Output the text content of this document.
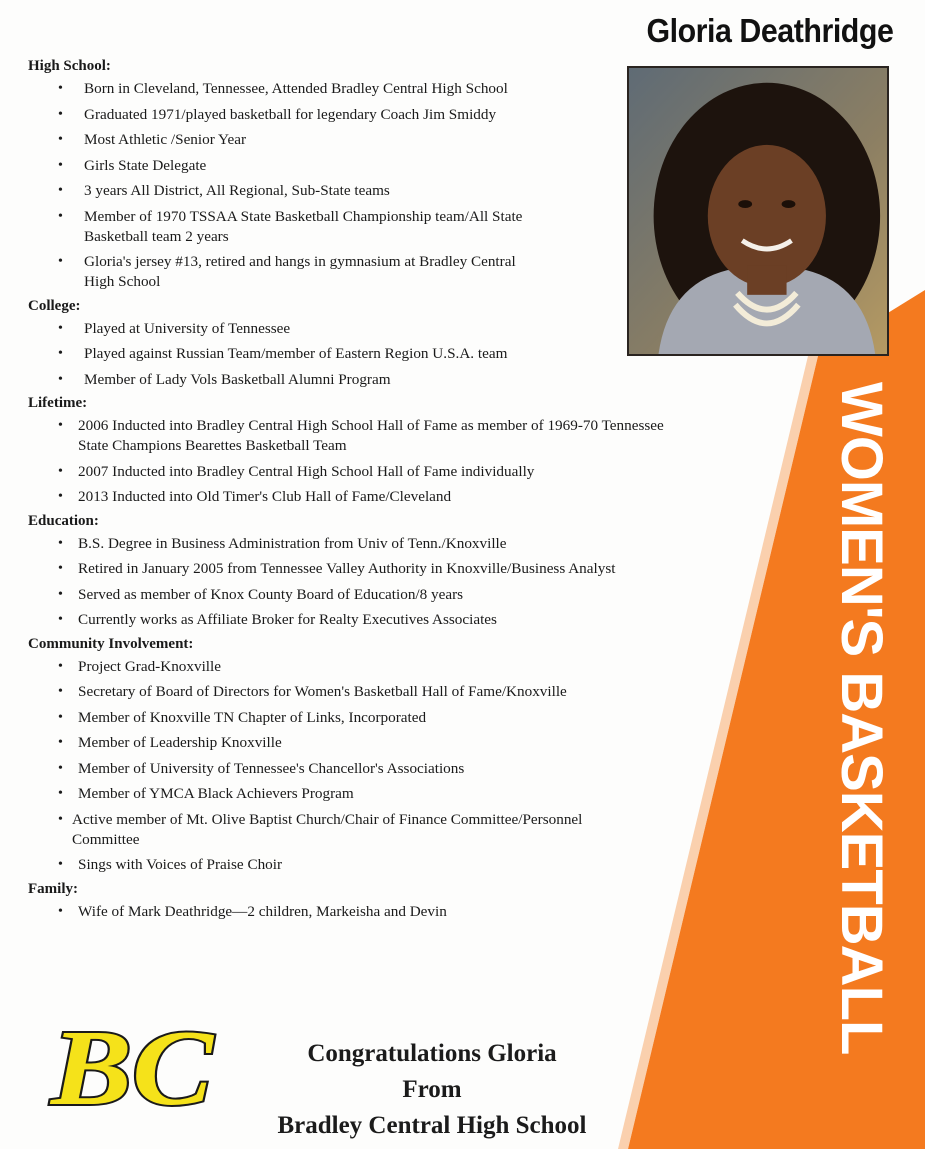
Gloria Deathridge
WOMEN'S BASKETBALL
High School:
• Born in Cleveland, Tennessee, Attended Bradley Central High School
• Graduated 1971/played basketball for legendary Coach Jim Smiddy
• Most Athletic /Senior Year
• Girls State Delegate
• 3 years All District, All Regional, Sub-State teams
• Member of 1970 TSSAA State Basketball Championship team/All State Basketball team 2 years
• Gloria's jersey #13, retired and hangs in gymnasium at Bradley Central High School
College:
• Played at University of Tennessee
• Played against Russian Team/member of Eastern Region U.S.A. team
• Member of Lady Vols Basketball Alumni Program
Lifetime:
• 2006 Inducted into Bradley Central High School Hall of Fame as member of 1969-70 Tennessee State Champions Bearettes Basketball Team
• 2007 Inducted into Bradley Central High School Hall of Fame individually
• 2013 Inducted into Old Timer's Club Hall of Fame/Cleveland
Education:
• B.S. Degree in Business Administration from Univ of Tenn./Knoxville
• Retired in January 2005 from Tennessee Valley Authority in Knoxville/Business Analyst
• Served as member of Knox County Board of Education/8 years
• Currently works as Affiliate Broker for Realty Executives Associates
Community Involvement:
• Project Grad-Knoxville
• Secretary of Board of Directors for Women's Basketball Hall of Fame/Knoxville
• Member of Knoxville TN Chapter of Links, Incorporated
• Member of Leadership Knoxville
• Member of University of Tennessee's Chancellor's Associations
• Member of YMCA Black Achievers Program
• Active member of Mt. Olive Baptist Church/Chair of Finance Committee/Personnel Committee
• Sings with Voices of Praise Choir
Family:
• Wife of Mark Deathridge—2 children, Markeisha and Devin
BC	Congratulations Gloria
From
Bradley Central High School
